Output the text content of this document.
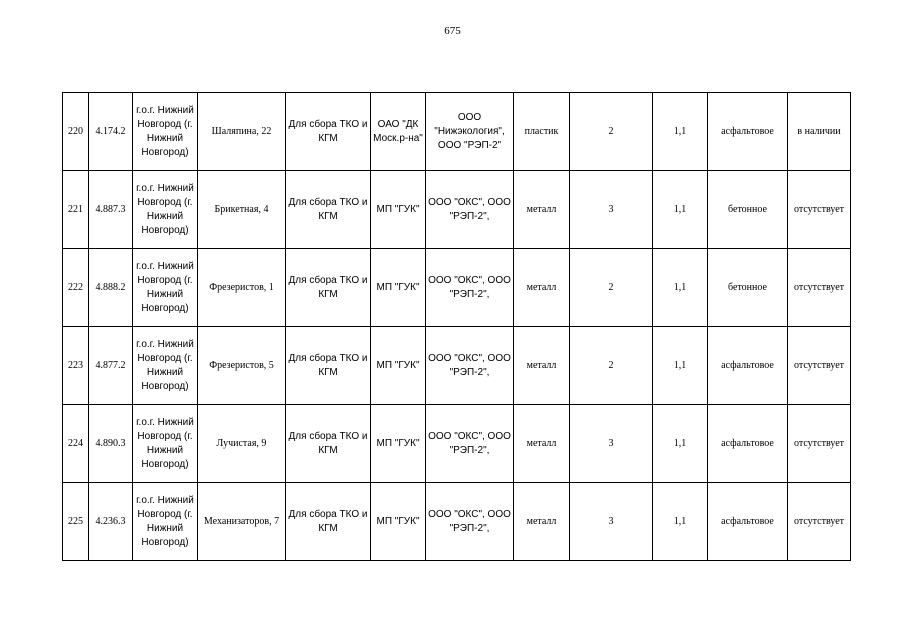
675
220	4.174.2	г.о.г. Нижний Новгород (г. Нижний Новгород)	Шаляпина, 22	Для сбора ТКО и КГМ	ОАО "ДК Моск.р-на"	ООО "Нижэкология", ООО "РЭП-2"	пластик	2	1,1	асфальтовое	в наличии
221	4.887.3	г.о.г. Нижний Новгород (г. Нижний Новгород)	Брикетная, 4	Для сбора ТКО и КГМ	МП "ГУК"	ООО "ОКС", ООО "РЭП-2",	металл	3	1,1	бетонное	отсутствует
222	4.888.2	г.о.г. Нижний Новгород (г. Нижний Новгород)	Фрезеристов, 1	Для сбора ТКО и КГМ	МП "ГУК"	ООО "ОКС", ООО "РЭП-2",	металл	2	1,1	бетонное	отсутствует
223	4.877.2	г.о.г. Нижний Новгород (г. Нижний Новгород)	Фрезеристов, 5	Для сбора ТКО и КГМ	МП "ГУК"	ООО "ОКС", ООО "РЭП-2",	металл	2	1,1	асфальтовое	отсутствует
224	4.890.3	г.о.г. Нижний Новгород (г. Нижний Новгород)	Лучистая, 9	Для сбора ТКО и КГМ	МП "ГУК"	ООО "ОКС", ООО "РЭП-2",	металл	3	1,1	асфальтовое	отсутствует
225	4.236.3	г.о.г. Нижний Новгород (г. Нижний Новгород)	Механизаторов, 7	Для сбора ТКО и КГМ	МП "ГУК"	ООО "ОКС", ООО "РЭП-2",	металл	3	1,1	асфальтовое	отсутствует
